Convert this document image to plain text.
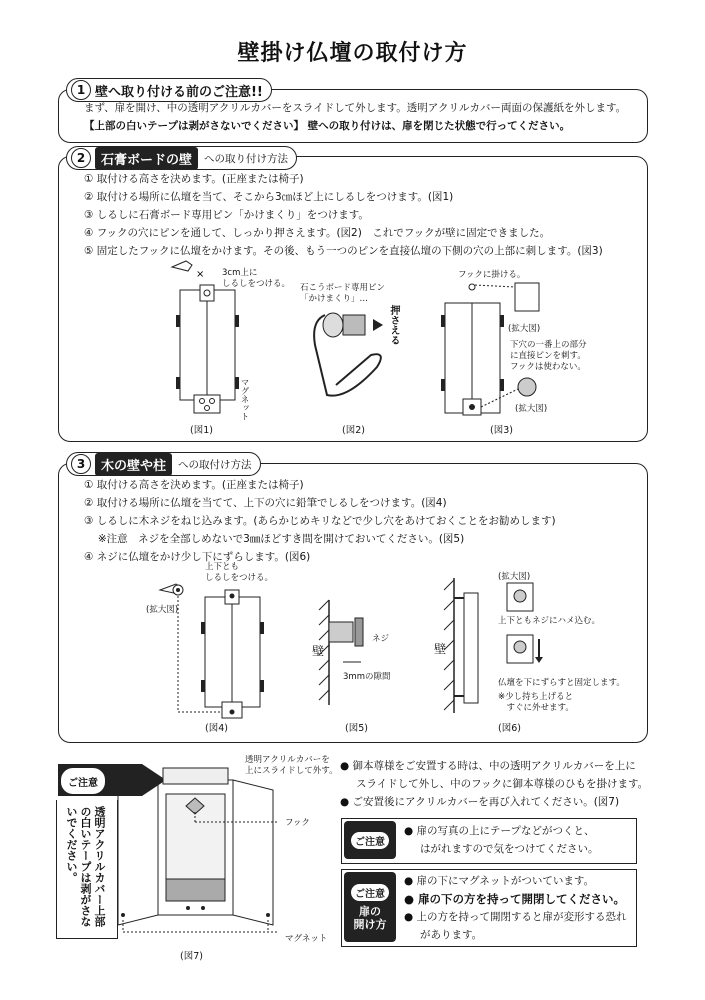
壁掛け仏壇の取付け方
1 壁へ取り付ける前のご注意!!
まず、扉を開け、中の透明アクリルカバーをスライドして外します。透明アクリルカバー両面の保護紙を外します。
【上部の白いテープは剥がさないでください】 壁への取り付けは、扉を閉じた状態で行ってください。
2	石膏ボードの壁	への取り付け方法
① 取付ける高さを決めます。(正座または椅子)
② 取付ける場所に仏壇を当て、そこから3㎝ほど上にしるしをつけます。(図1)
③ しるしに石膏ボード専用ピン「かけまくり」をつけます。
④ フックの穴にピンを通して、しっかり押さえます。(図2)　これでフックが壁に固定できました。
⑤ 固定したフックに仏壇をかけます。その後、もう一つのピンを直接仏壇の下側の穴の上部に刺します。(図3)
× 3cm上に
しるしをつける。
マグネット
(図1)
石こうボード専用ピン
「かけまくり」…
押さえる
(図2)
フックに掛ける。
(拡大図)
下穴の一番上の部分
に直接ピンを刺す。
フックは使わない。
(拡大図)
(図3)
3	木の壁や柱	への取付け方法
① 取付ける高さを決めます。(正座または椅子)
② 取付ける場所に仏壇を当てて、上下の穴に鉛筆でしるしをつけます。(図4)
③ しるしに木ネジをねじ込みます。(あらかじめキリなどで少し穴をあけておくことをお勧めします)
　 ※注意　ネジを全部しめないで3㎜ほどすき間を開けておいてください。(図5)
④ ネジに仏壇をかけ少し下にずらします。(図6)
上下とも
しるしをつける。
(拡大図)
(図4)
壁
ネジ
3mmの隙間
(図5)
壁
(拡大図)
上下ともネジにハメ込む。
仏壇を下にずらすと固定します。
※少し持ち上げると
　すぐに外せます。
(図6)
ご注意
透明アクリルカバー上部の白いテープは剥がさないでください。
透明アクリルカバーを
上にスライドして外す。
フック
マグネット
(図7)
● 御本尊様をご安置する時は、中の透明アクリルカバーを上に
スライドして外し、中のフックに御本尊様のひもを掛けます。
● ご安置後にアクリルカバーを再び入れてください。(図7)
ご注意
● 扉の写真の上にテープなどがつくと、
はがれますので気をつけてください。
ご注意
扉の
開け方
● 扉の下にマグネットがついています。
● 扉の下の方を持って開閉してください。
● 上の方を持って開閉すると扉が変形する恐れ
があります。
